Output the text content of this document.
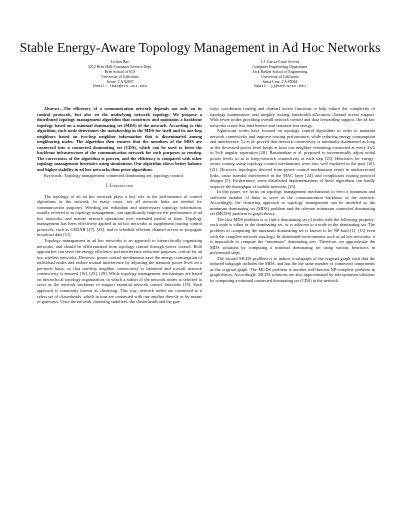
Stable Energy-Aware Topology Management in Ad Hoc Networks
Lichun Bao
3212 Bren Hall, Computer Science Dept.
Bren School of ICS
University of California
Irvine, CA 92697
Email: lbao@ics.uci.edu
J.J. Garcia-Luna-Aceves
Computer Engineering Department
Jack Baskin School of Engineering
University of California
Santa Cruz, CA 95064
Email: jj@soe.ucsc.edu

Abstract—The efficiency of a communication network depends not only on its control protocols, but also on the underlying network topology. We propose a distributed topology management algorithm that constructs and maintains a backbone topology based on a minimal dominating set (MDS) of the network. According to this algorithm, each node determines the membership in the MDS for itself and its one-hop neighbors based on two-hop neighbor information that is disseminated among neighboring nodes. The algorithm then ensures that the members of the MDS are connected into a connected dominating set (CDS), which can be used to form the backbone infrastructure of the communication network for such purposes as routing. The correctness of the algorithm is proven, and the efficiency is compared with other topology management heuristics using simulations. Our algorithm shows better balance and higher stability in ad hoc networks than prior algorithms.

Keywords: Topology management; connected dominating set; topology control.

I. Introduction

The topology of an ad hoc network plays a key role in the performance of control algorithms in the network. In many cases, not all network links are needed for communication purposes. Weeding out redundant and unnecessary topology information, usually referred to as topology management, can significantly improve the performance of ad hoc networks, and mature network operations over extended period of time. Topology management has been effectively applied in ad hoc networks to supplement routing control protocols, such as CEDAR [27], [28], and to schedule efficient channel access to propagate broadcast data [11].

Topology management in ad hoc networks is an approach to hierarchically organizing networks, and should be differentiated from topology control through power control. Both approaches can serve the energy efficiency and interference reduction purposes, critical for ad hoc wireless networks. However, power control mechanisms save the energy consumption of individual nodes and reduce mutual interference by adjusting the transmit power level on a per-node basis, so that one-hop neighbor connectivity is balanced and overall network connectivity is ensured [16], [23], [29]. While topology management mechanisms are based on hierarchical topology organization, in which a subset of the network nodes is selected to serve as the network backbone to support essential network control functions [19]. Such approach is commonly known as clustering. This way, network nodes are connected to a select set of clusterheads, which in turn are connected with one another directly or by means of gateways. Once the network clustering stabilizes, the clusterheads and the gate-

ways coordinates routing and channel access functions to help reduce the complexity of topology maintenance, and simplify routing, bandwidth allocation, channel access support. With fewer nodes providing overall network control and data forwarding support, the ad hoc networks create less interference and consume less energy.

Significant works have focused on topology control algorithms in order to maintain network connectivity and improve routing performance, while reducing energy consumption and interference. Li et al. proved that network connectivity is minimally maintained as long as the decreased power level keeps at least one neighbor remaining connected at every 2π/3 to 5π/6 angular separation [20]. Ramanathan et al. proposed to incrementally adjust nodal power levels so as to keep network connectivity at each step [25]. Heuristics for energy-aware routing using topology control mechanisms were also well explored in the past [18], [21]. However, topologies derived from power control mechanisms result in unidirectional links, cause harmful interference in the MAC layer [24], and complicates routing protocol designs [5]. Furthermore, some distributed implementations of these algorithms can hardly improve the throughput of mobile networks [25].

In this paper, we focus on topology management mechanisms to elect a minimum and sufficient number of links to serve as the communication backbone of the network. Accordingly, the clustering approach to topology management can be modeled as the minimum dominating set (MDS) problem and the relevant minimum connected dominating set (MCDS) problem in graph theory.

The first MDS problem is to find a dominating set of nodes with the following property: each node is either in the dominating set, or is adjacent to a node in the dominating set. The problem of computing the minimum dominating set is known to be NP-hard [1], [13] even with the complete network topology. In distributed environments such as ad hoc networks, it is impossible to compute the “minimum” dominating sets. Therefore, we approximate the MDS solutions by computing a minimal dominating set using various heuristics in polynomial steps.

The second MCDS problem is to induce a subgraph of the original graph such that the induced subgraph includes the MDS, and has the the same number of connected components as the original graph. The MCDS problem is another well-known NP-complete problem in graph theory. Accordingly, MCDS solutions are also approximated by sub-optimum solutions by computing a minimal connected dominating set (CDS) in the network.
